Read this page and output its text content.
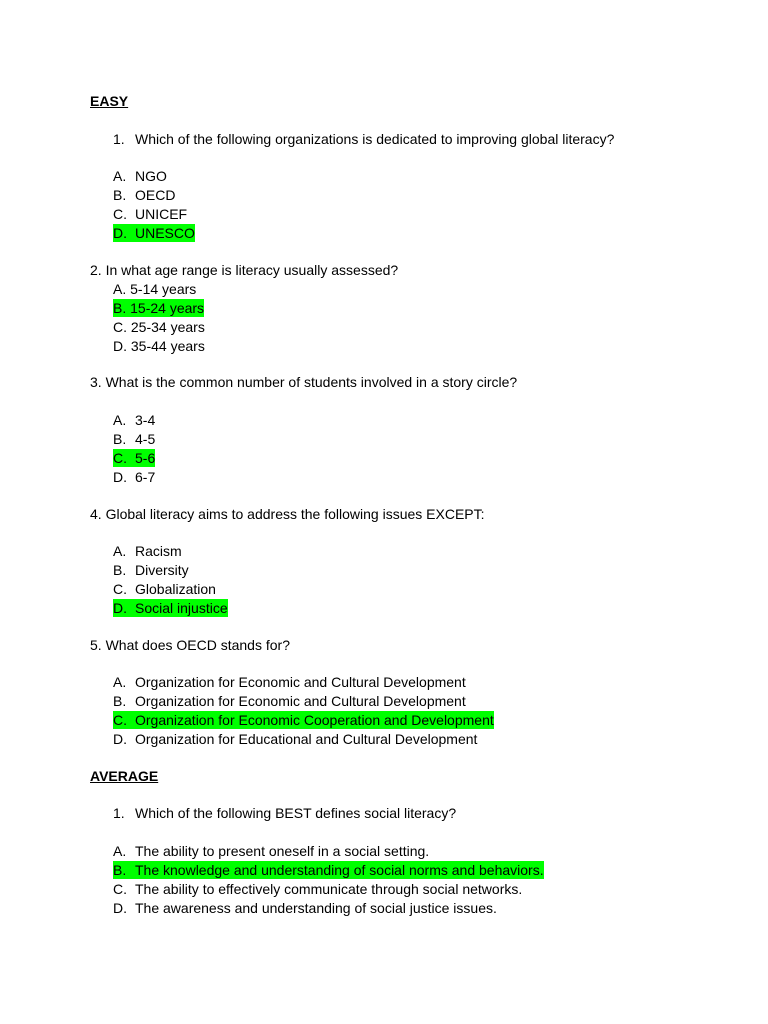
EASY
1. Which of the following organizations is dedicated to improving global literacy?
A. NGO
B. OECD
C. UNICEF
D. UNESCO
2. In what age range is literacy usually assessed?
A. 5-14 years
B. 15-24 years
C. 25-34 years
D. 35-44 years
3. What is the common number of students involved in a story circle?
A. 3-4
B. 4-5
C. 5-6
D. 6-7
4. Global literacy aims to address the following issues EXCEPT:
A. Racism
B. Diversity
C. Globalization
D. Social injustice
5. What does OECD stands for?
A. Organization for Economic and Cultural Development
B. Organization for Economic and Cultural Development
C. Organization for Economic Cooperation and Development
D. Organization for Educational and Cultural Development
AVERAGE
1. Which of the following BEST defines social literacy?
A. The ability to present oneself in a social setting.
B. The knowledge and understanding of social norms and behaviors.
C. The ability to effectively communicate through social networks.
D. The awareness and understanding of social justice issues.
